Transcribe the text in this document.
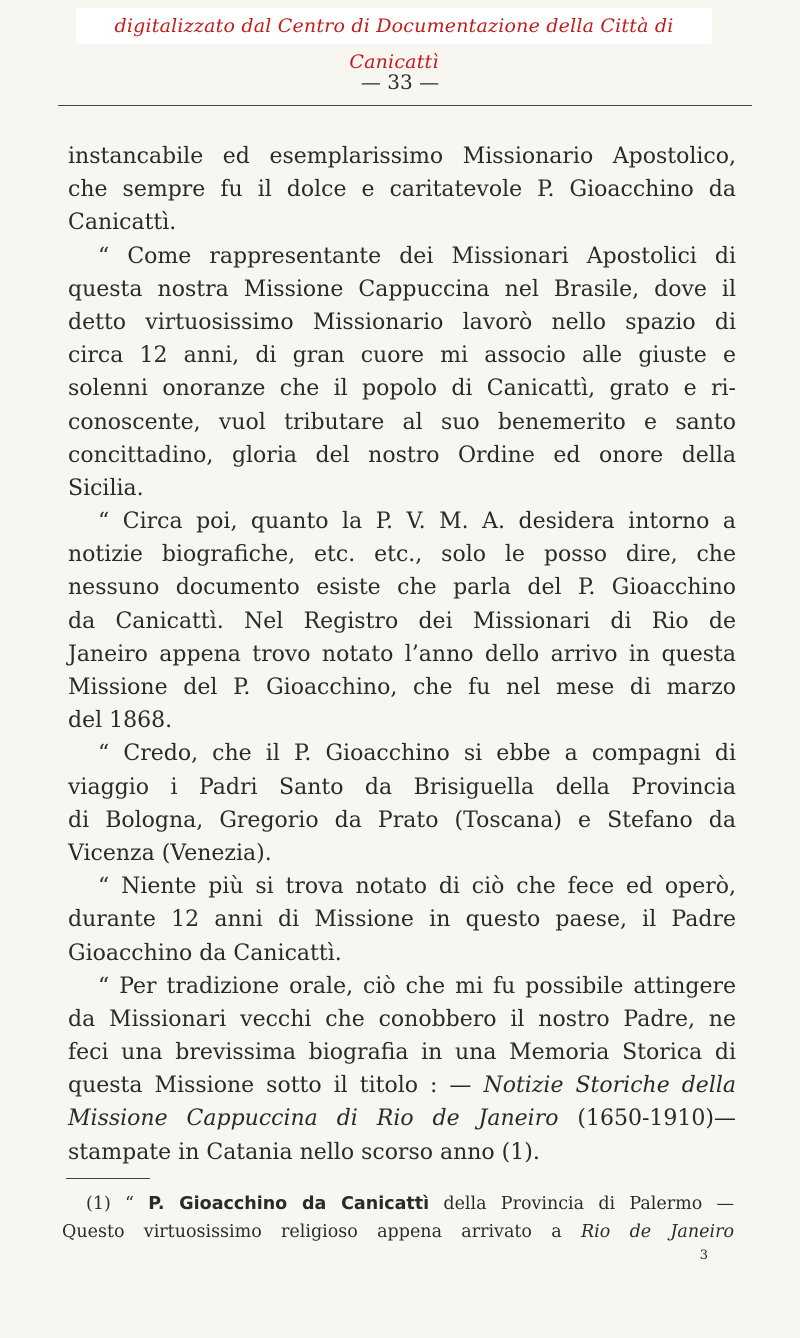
digitalizzato dal Centro di Documentazione della Città di Canicattì
— 33 —
instancabile ed esemplarissimo Missionario Apostolico,
che sempre fu il dolce e caritatevole P. Gioacchino da
Canicattì.
“ Come rappresentante dei Missionari Apostolici di
questa nostra Missione Cappuccina nel Brasile, dove il
detto virtuosissimo Missionario lavorò nello spazio di
circa 12 anni, di gran cuore mi associo alle giuste e
solenni onoranze che il popolo di Canicattì, grato e ri-
conoscente, vuol tributare al suo benemerito e santo
concittadino, gloria del nostro Ordine ed onore della
Sicilia.
“ Circa poi, quanto la P. V. M. A. desidera intorno a
notizie biografiche, etc. etc., solo le posso dire, che
nessuno documento esiste che parla del P. Gioacchino
da Canicattì. Nel Registro dei Missionari di Rio de
Janeiro appena trovo notato l’anno dello arrivo in questa
Missione del P. Gioacchino, che fu nel mese di marzo
del 1868.
“ Credo, che il P. Gioacchino si ebbe a compagni di
viaggio i Padri Santo da Brisiguella della Provincia
di Bologna, Gregorio da Prato (Toscana) e Stefano da
Vicenza (Venezia).
“ Niente più si trova notato di ciò che fece ed operò,
durante 12 anni di Missione in questo paese, il Padre
Gioacchino da Canicattì.
“ Per tradizione orale, ciò che mi fu possibile attingere
da Missionari vecchi che conobbero il nostro Padre, ne
feci una brevissima biografia in una Memoria Storica di
questa Missione sotto il titolo : — Notizie Storiche della
Missione Cappuccina di Rio de Janeiro (1650-1910)—
stampate in Catania nello scorso anno (1).
(1) “ P. Gioacchino da Canicattì della Provincia di Palermo —
Questo virtuosissimo religioso appena arrivato a Rio de Janeiro
3
